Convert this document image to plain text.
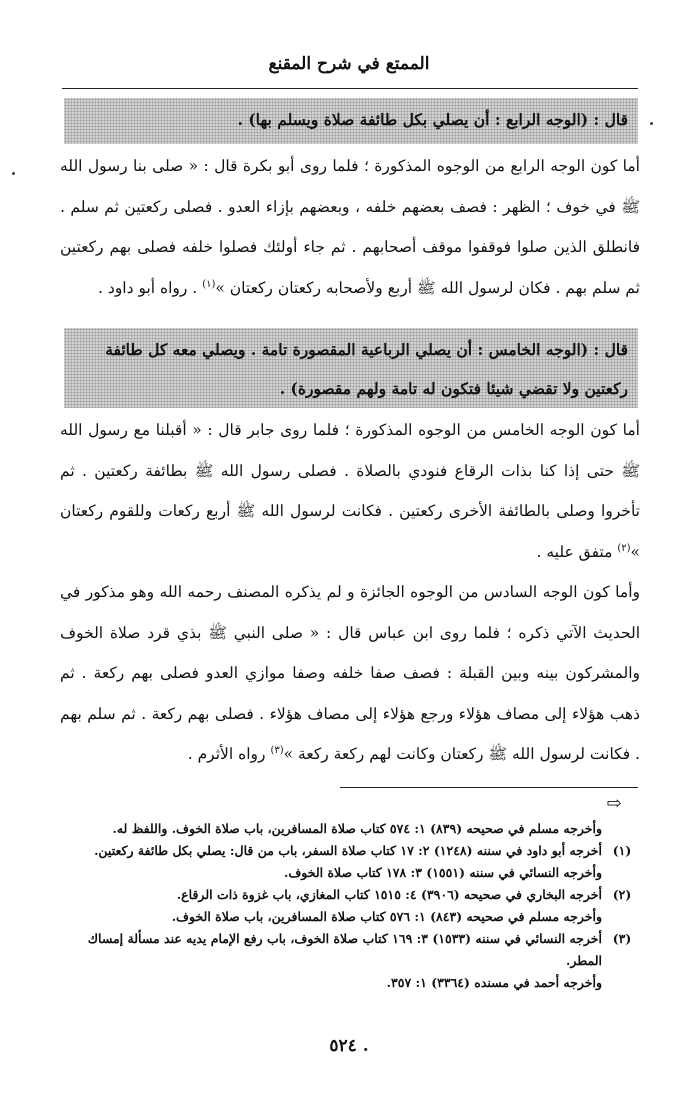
الممتع في شرح المقنع
قال : (الوجه الرابع : أن يصلي بكل طائفة صلاة ويسلم بها) .

أما كون الوجه الرابع من الوجوه المذكورة ؛ فلما روى أبو بكرة قال : « صلى بنا رسول الله ﷺ في خوف ؛ الظهر : فصف بعضهم خلفه ، وبعضهم بإزاء العدو . فصلى ركعتين ثم سلم . فانطلق الذين صلوا فوقفوا موقف أصحابهم . ثم جاء أولئك فصلوا خلفه فصلى بهم ركعتين ثم سلم بهم . فكان لرسول الله ﷺ أربع ولأصحابه ركعتان ركعتان »$^{(١)}$ . رواه أبو داود .

قال : (الوجه الخامس : أن يصلي الرباعية المقصورة تامة . ويصلي معه كل طائفة ركعتين ولا تقضي شيئا فتكون له تامة ولهم مقصورة) .

أما كون الوجه الخامس من الوجوه المذكورة ؛ فلما روى جابر قال : « أقبلنا مع رسول الله ﷺ حتى إذا كنا بذات الرقاع فنودي بالصلاة . فصلى رسول الله ﷺ بطائفة ركعتين . ثم تأخروا وصلى بالطائفة الأخرى ركعتين . فكانت لرسول الله ﷺ أربع ركعات وللقوم ركعتان »$^{(٢)}$ متفق عليه .

وأما كون الوجه السادس من الوجوه الجائزة و لم يذكره المصنف رحمه الله وهو مذكور في الحديث الآتي ذكره ؛ فلما روى ابن عباس قال : « صلى النبي ﷺ بذي قرد صلاة الخوف والمشركون بينه وبين القبلة : فصف صفا خلفه وصفا موازي العدو فصلى بهم ركعة . ثم ذهب هؤلاء إلى مصاف هؤلاء ورجع هؤلاء إلى مصاف هؤلاء . فصلى بهم ركعة . ثم سلم بهم . فكانت لرسول الله ﷺ ركعتان وكانت لهم ركعة ركعة »$^{(٣)}$ رواه الأثرم .

⇨

وأخرجه مسلم في صحيحه (٨٣٩) ١: ٥٧٤ كتاب صلاة المسافرين، باب صلاة الخوف. واللفظ له.

(١)
أخرجه أبو داود في سننه (١٢٤٨) ٢: ١٧ كتاب صلاة السفر، باب من قال: يصلي بكل طائفة ركعتين.

وأخرجه النسائي في سننه (١٥٥١) ٣: ١٧٨ كتاب صلاة الخوف.

(٢)
أخرجه البخاري في صحيحه (٣٩٠٦) ٤: ١٥١٥ كتاب المغازي، باب غزوة ذات الرقاع.

وأخرجه مسلم في صحيحه (٨٤٣) ١: ٥٧٦ كتاب صلاة المسافرين، باب صلاة الخوف.

(٣)
أخرجه النسائي في سننه (١٥٣٣) ٣: ١٦٩ كتاب صلاة الخوف، باب رفع الإمام يديه عند مسألة إمساك المطر.

وأخرجه أحمد في مسنده (٣٣٦٤) ١: ٣٥٧.

٥٢٤ .
